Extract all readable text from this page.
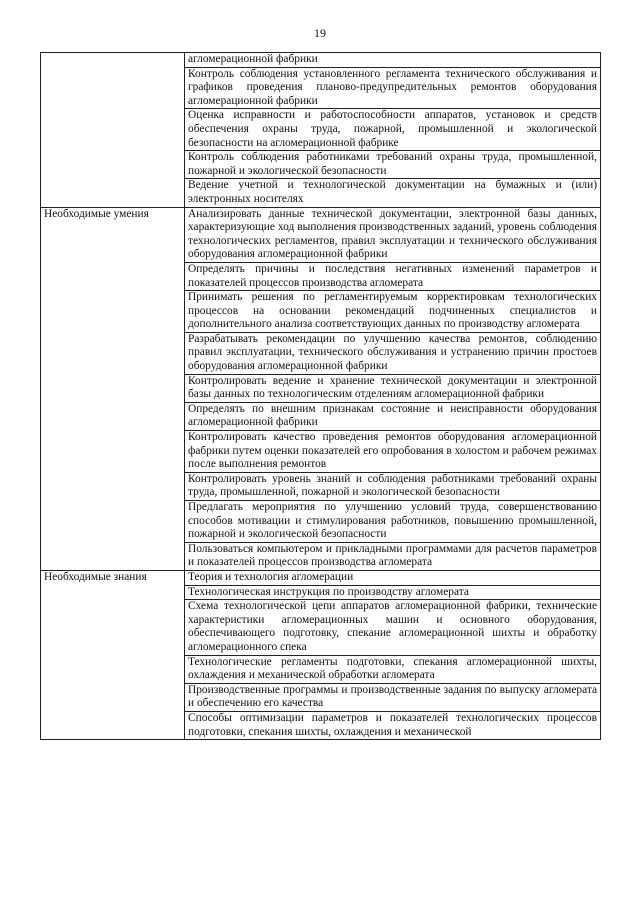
19

	агломерационной фабрики

	Контроль соблюдения установленного регламента технического обслуживания и графиков проведения планово-предупредительных ремонтов оборудования агломерационной фабрики

	Оценка исправности и работоспособности аппаратов, установок и средств обеспечения охраны труда, пожарной, промышленной и экологической безопасности на агломерационной фабрике

	Контроль соблюдения работниками требований охраны труда, промышленной, пожарной и экологической безопасности

	Ведение учетной и технологической документации на бумажных и (или) электронных носителях

Необходимые умения	Анализировать данные технической документации, электронной базы данных, характеризующие ход выполнения производственных заданий, уровень соблюдения технологических регламентов, правил эксплуатации и технического обслуживания оборудования агломерационной фабрики

	Определять причины и последствия негативных изменений параметров и показателей процессов производства агломерата

	Принимать решения по регламентируемым корректировкам технологических процессов на основании рекомендаций подчиненных специалистов и дополнительного анализа соответствующих данных по производству агломерата

	Разрабатывать рекомендации по улучшению качества ремонтов, соблюдению правил эксплуатации, технического обслуживания и устранению причин простоев оборудования агломерационной фабрики

	Контролировать ведение и хранение технической документации и электронной базы данных по технологическим отделениям агломерационной фабрики

	Определять по внешним признакам состояние и неисправности оборудования агломерационной фабрики

	Контролировать качество проведения ремонтов оборудования агломерационной фабрики путем оценки показателей его опробования в холостом и рабочем режимах после выполнения ремонтов

	Контролировать уровень знаний и соблюдения работниками требований охраны труда, промышленной, пожарной и экологической безопасности

	Предлагать мероприятия по улучшению условий труда, совершенствованию способов мотивации и стимулирования работников, повышению промышленной, пожарной и экологической безопасности

	Пользоваться компьютером и прикладными программами для расчетов параметров и показателей процессов производства агломерата

Необходимые знания	Теория и технология агломерации

	Технологическая инструкция по производству агломерата

	Схема технологической цепи аппаратов агломерационной фабрики, технические характеристики агломерационных машин и основного оборудования, обеспечивающего подготовку, спекание агломерационной шихты и обработку агломерационного спека

	Технологические регламенты подготовки, спекания агломерационной шихты, охлаждения и механической обработки агломерата

	Производственные программы и производственные задания по выпуску агломерата и обеспечению его качества

	Способы оптимизации параметров и показателей технологических процессов подготовки, спекания шихты, охлаждения и механической
